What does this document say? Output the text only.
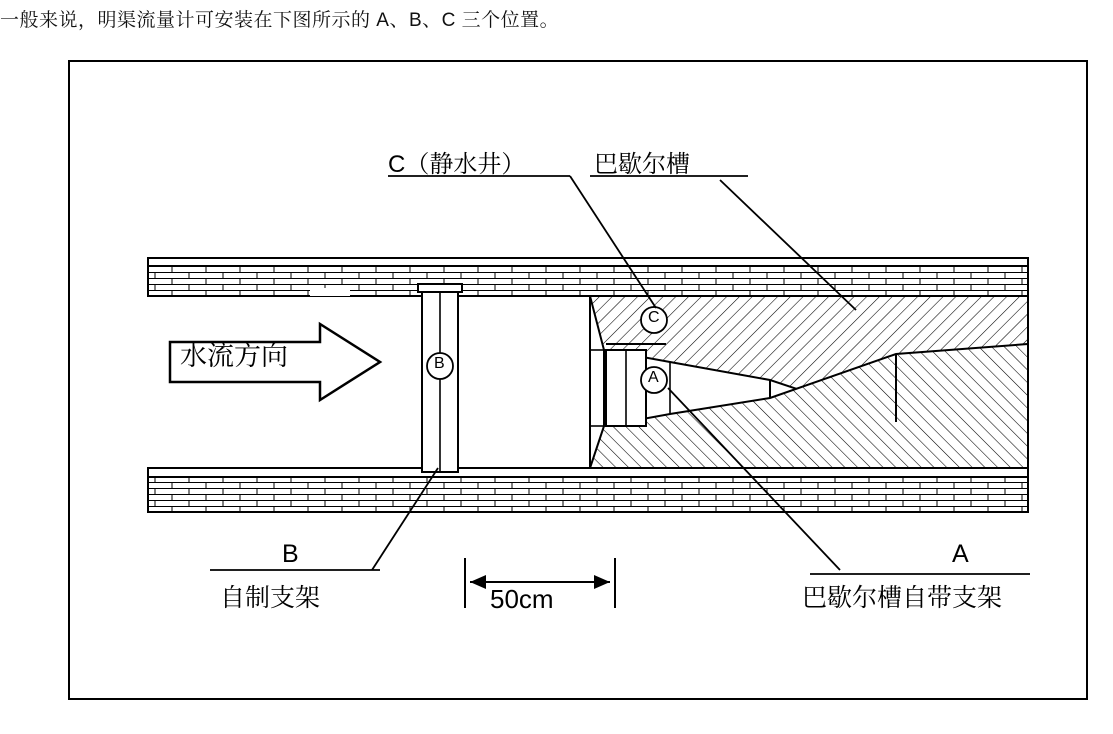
一般来说，明渠流量计可安装在下图所示的 A、B、C 三个位置。
C（静水井）	巴歇尔槽
水流方向
C
B
A
B
自制支架
A
巴歇尔槽自带支架
50cm
